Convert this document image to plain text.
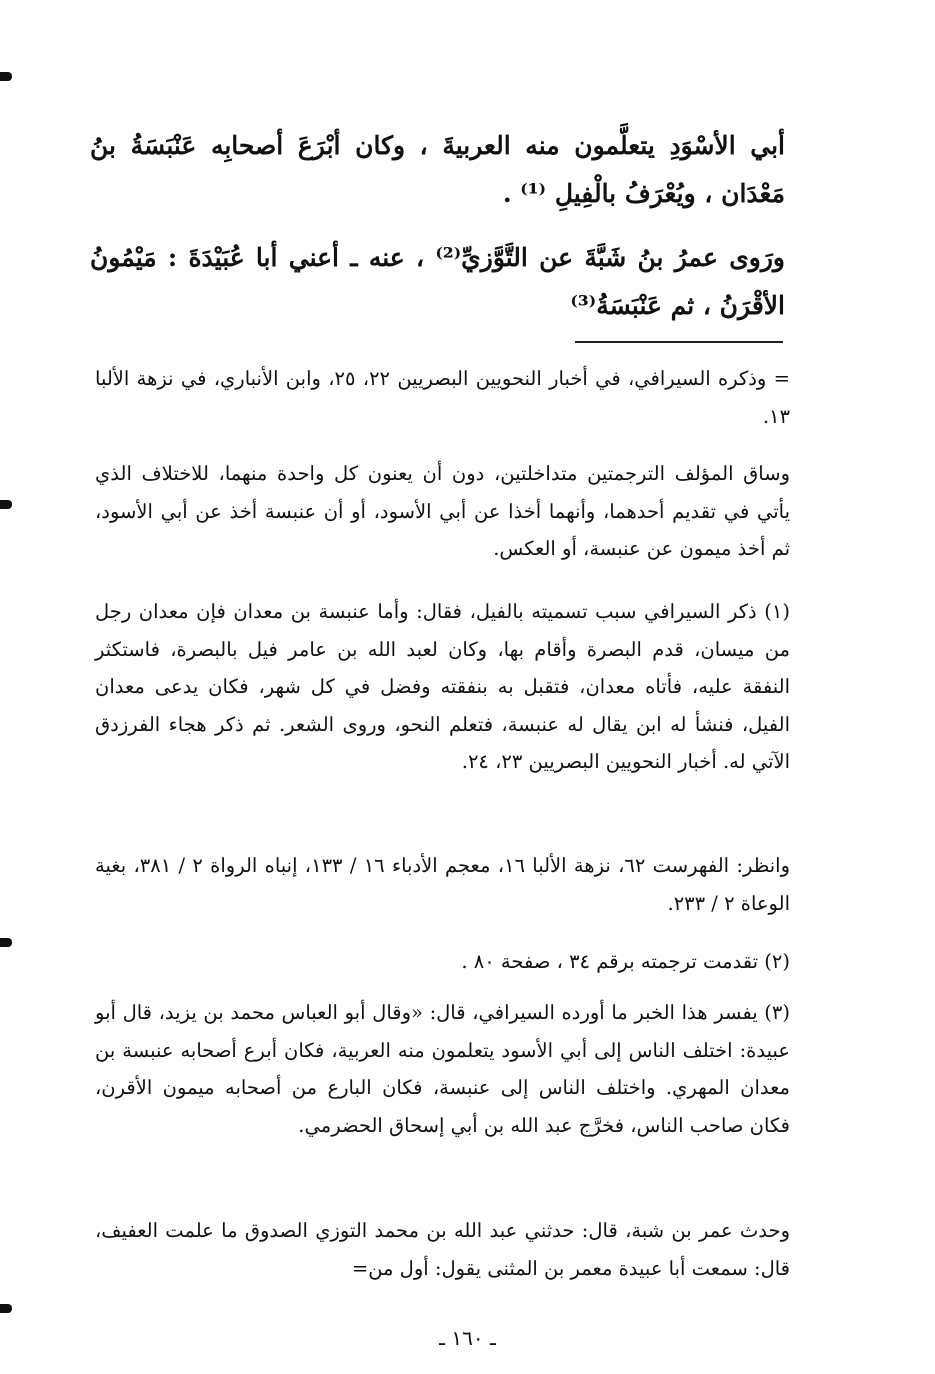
أبي الأسْوَدِ يتعلَّمون منه العربيةَ ، وكان أبْرَعَ أصحابِه عَنْبَسَةُ بنُ مَعْدَان ، ويُعْرَفُ بالْفِيلِ ⁽¹⁾ .
ورَوى عمرُ بنُ شَبَّةَ عن التَّوَّزيِّ⁽²⁾ ، عنه ـ أعني أبا عُبَيْدَةَ : مَيْمُونُ الأقْرَنُ ، ثم عَنْبَسَةُ⁽³⁾
= وذكره السيرافي، في أخبار النحويين البصريين ٢٢، ٢٥، وابن الأنباري، في نزهة الألبا ١٣.
وساق المؤلف الترجمتين متداخلتين، دون أن يعنون كل واحدة منهما، للاختلاف الذي يأتي في تقديم أحدهما، وأنهما أخذا عن أبي الأسود، أو أن عنبسة أخذ عن أبي الأسود، ثم أخذ ميمون عن عنبسة، أو العكس.
(١) ذكر السيرافي سبب تسميته بالفيل، فقال: وأما عنبسة بن معدان فإن معدان رجل من ميسان، قدم البصرة وأقام بها، وكان لعبد الله بن عامر فيل بالبصرة، فاستكثر النفقة عليه، فأتاه معدان، فتقبل به بنفقته وفضل في كل شهر، فكان يدعى معدان الفيل، فنشأ له ابن يقال له عنبسة، فتعلم النحو، وروى الشعر. ثم ذكر هجاء الفرزدق الآتي له. أخبار النحويين البصريين ٢٣، ٢٤.
وانظر: الفهرست ٦٢، نزهة الألبا ١٦، معجم الأدباء ١٦ / ١٣٣، إنباه الرواة ٢ / ٣٨١، بغية الوعاة ٢ / ٢٣٣.
(٢) تقدمت ترجمته برقم ٣٤ ، صفحة ٨٠ .
(٣) يفسر هذا الخبر ما أورده السيرافي، قال: «وقال أبو العباس محمد بن يزيد، قال أبو عبيدة: اختلف الناس إلى أبي الأسود يتعلمون منه العربية، فكان أبرع أصحابه عنبسة بن معدان المهري. واختلف الناس إلى عنبسة، فكان البارع من أصحابه ميمون الأقرن، فكان صاحب الناس، فخرَّج عبد الله بن أبي إسحاق الحضرمي.
وحدث عمر بن شبة، قال: حدثني عبد الله بن محمد التوزي الصدوق ما علمت العفيف، قال: سمعت أبا عبيدة معمر بن المثنى يقول: أول من=
ـ ١٦٠ ـ
